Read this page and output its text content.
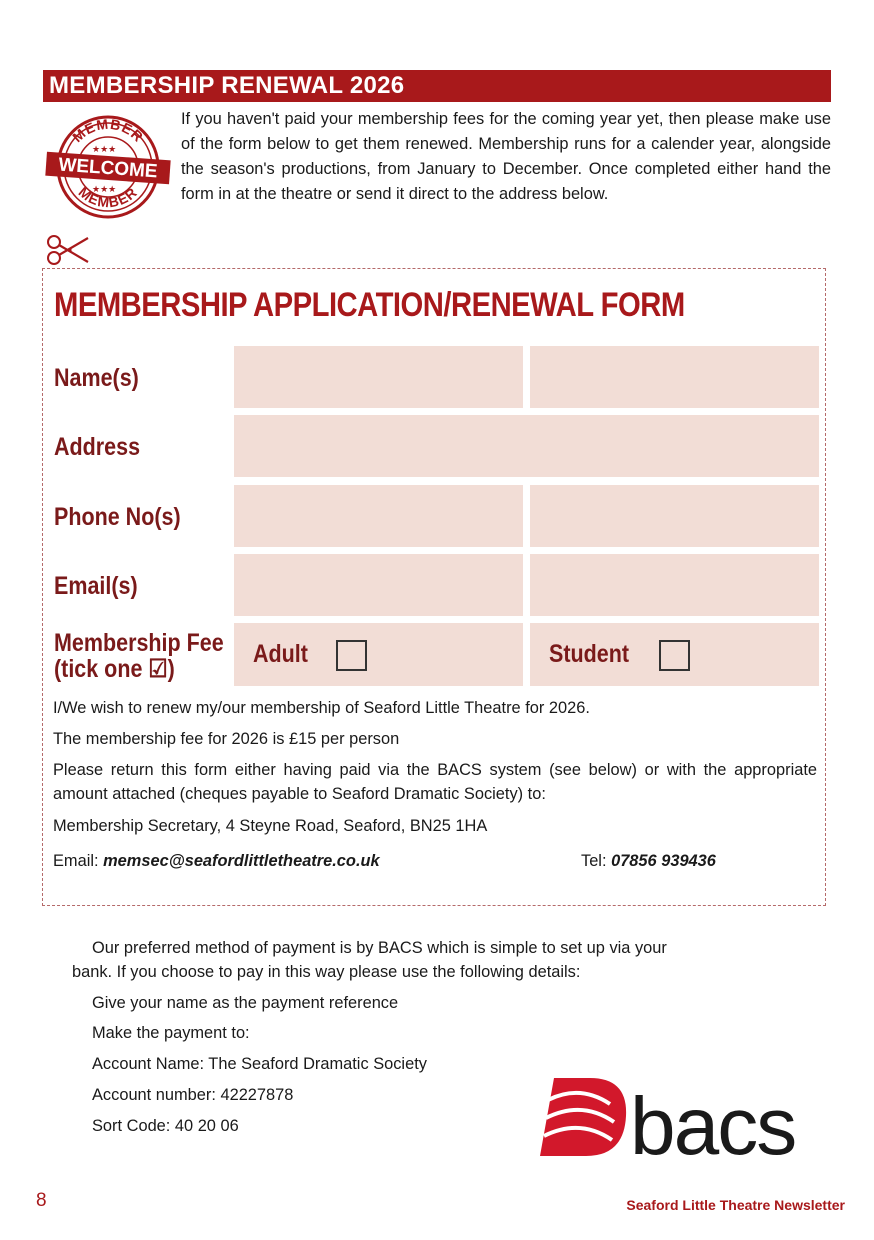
MEMBERSHIP RENEWAL 2026
MEMBER
MEMBER
★★★
★★★
WELCOME

If you haven't paid your membership fees for the coming year yet, then please make use of the form below to get them renewed. Membership runs for a calender year, alongside the season's productions, from January to December. Once completed either hand the form in at the theatre or send it direct to the address below.

MEMBERSHIP APPLICATION/RENEWAL FORM
Name(s)
Address
Phone No(s)
Email(s)
Membership Fee
(tick one ☑)
Adult	Student
I/We wish to renew my/our membership of Seaford Little Theatre for 2026.
The membership fee for 2026 is £15 per person
Please return this form either having paid via the BACS system (see below) or with the appropriate amount attached (cheques payable to Seaford Dramatic Society) to:
Membership Secretary, 4 Steyne Road, Seaford, BN25 1HA
Email: memsec@seafordlittletheatre.co.uk	Tel: 07856 939436
Our preferred method of payment is by BACS which is simple to set up via your
bank. If you choose to pay in this way please use the following details:
Give your name as the payment reference
Make the payment to:
Account Name: The Seaford Dramatic Society
Account number: 42227878
Sort Code: 40 20 06	bacs
8	Seaford Little Theatre Newsletter
